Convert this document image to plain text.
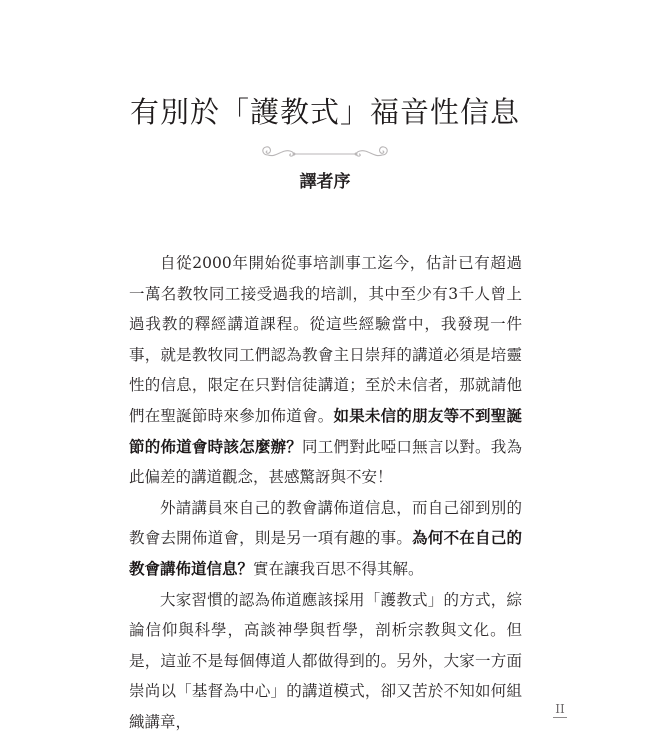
有別於「護教式」福音性信息
譯者序

自從2000年開始從事培訓事工迄今，估計已有超過一萬名教牧同工接受過我的培訓，其中至少有3千人曾上過我教的釋經講道課程。從這些經驗當中，我發現一件事，就是教牧同工們認為教會主日崇拜的講道必須是培靈性的信息，限定在只對信徒講道；至於未信者，那就請他們在聖誕節時來參加佈道會。如果未信的朋友等不到聖誕節的佈道會時該怎麼辦？同工們對此啞口無言以對。我為此偏差的講道觀念，甚感驚訝與不安！

外請講員來自己的教會講佈道信息，而自己卻到別的教會去開佈道會，則是另一項有趣的事。為何不在自己的教會講佈道信息？實在讓我百思不得其解。

大家習慣的認為佈道應該採用「護教式」的方式，綜論信仰與科學，高談神學與哲學，剖析宗教與文化。但是，這並不是每個傳道人都做得到的。另外，大家一方面崇尚以「基督為中心」的講道模式，卻又苦於不知如何組織講章，

II
